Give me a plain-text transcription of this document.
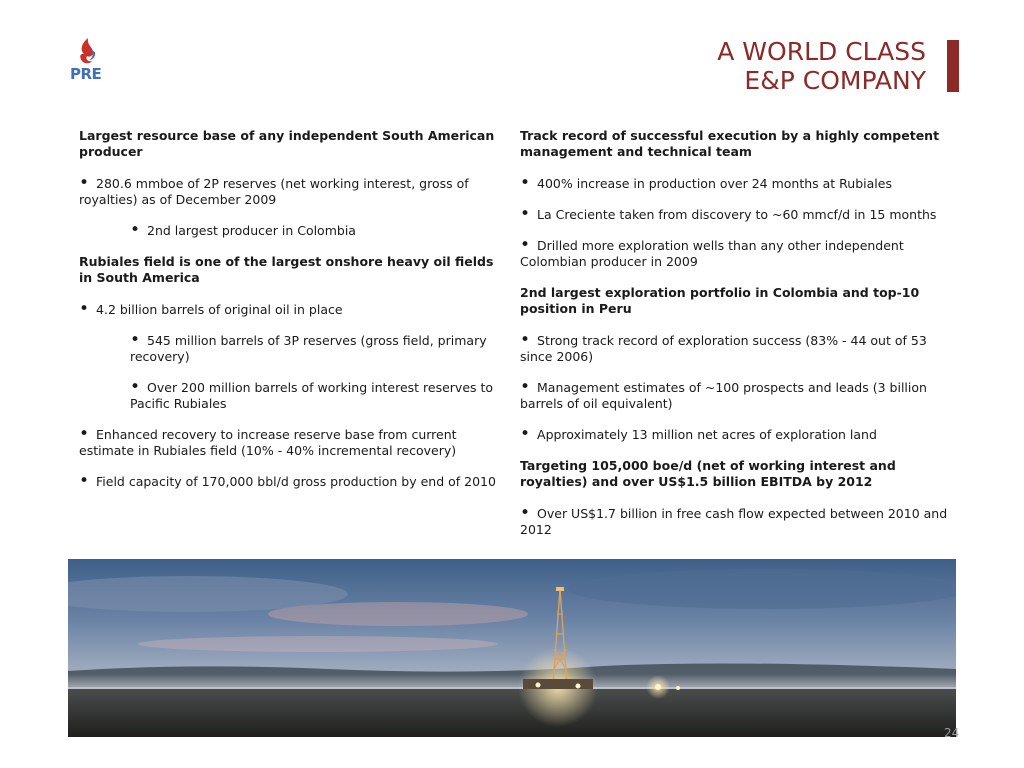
PRE
A WORLD CLASS
E&P COMPANY
Largest resource base of any independent South American producer
• 280.6 mmboe of 2P reserves (net working interest, gross of royalties) as of December 2009
• 2nd largest producer in Colombia
Rubiales field is one of the largest onshore heavy oil fields in South America
• 4.2 billion barrels of original oil in place
• 545 million barrels of 3P reserves (gross field, primary recovery)
• Over 200 million barrels of working interest reserves to Pacific Rubiales
• Enhanced recovery to increase reserve base from current estimate in Rubiales field (10% - 40% incremental recovery)
• Field capacity of 170,000 bbl/d gross production by end of 2010
Track record of successful execution by a highly competent management and technical team
• 400% increase in production over 24 months at Rubiales
• La Creciente taken from discovery to ~60 mmcf/d in 15 months
• Drilled more exploration wells than any other independent Colombian producer in 2009
2nd largest exploration portfolio in Colombia and top-10 position in Peru
• Strong track record of exploration success (83% - 44 out of 53 since 2006)
• Management estimates of ~100 prospects and leads (3 billion barrels of oil equivalent)
• Approximately 13 million net acres of exploration land
Targeting 105,000 boe/d (net of working interest and royalties) and over US$1.5 billion EBITDA by 2012
• Over US$1.7 billion in free cash flow expected between 2010 and 2012
24
